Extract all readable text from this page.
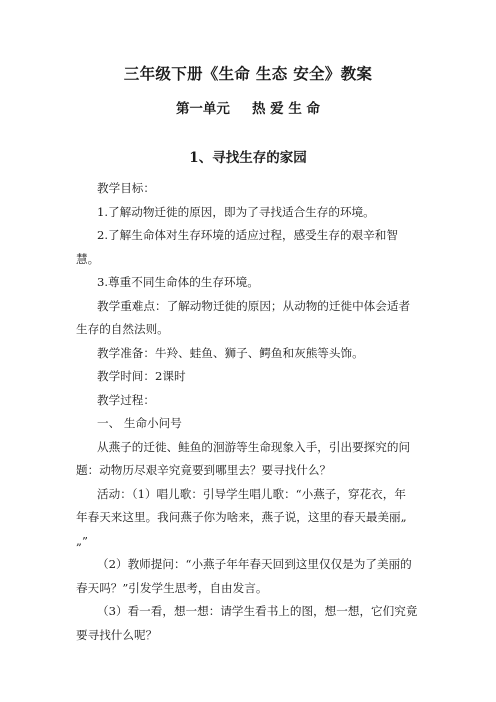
三年级下册《生命 生态 安全》教案
第一单元 热 爱 生 命
1、寻找生存的家园
教学目标：
1.了解动物迁徙的原因，即为了寻找适合生存的环境。
2.了解生命体对生存环境的适应过程，感受生存的艰辛和智
慧。
3.尊重不同生命体的生存环境。
教学重难点：了解动物迁徙的原因；从动物的迁徙中体会适者
生存的自然法则。
教学准备：牛羚、蛙鱼、狮子、鳄鱼和灰熊等头饰。
教学时间：2课时
教学过程：
一、 生命小问号
从燕子的迁徙、鲑鱼的洄游等生命现象入手，引出要探究的问
题：动物历尽艰辛究竟要到哪里去？要寻找什么？
活动：（1）唱儿歌：引导学生唱儿歌：“小燕子，穿花衣，年
年春天来这里。我问燕子你为啥来，燕子说，这里的春天最美丽„
„”
（2）教师提问：“小燕子年年春天回到这里仅仅是为了美丽的
春天吗？”引发学生思考，自由发言。
（3）看一看，想一想：请学生看书上的图，想一想，它们究竟
要寻找什么呢？
